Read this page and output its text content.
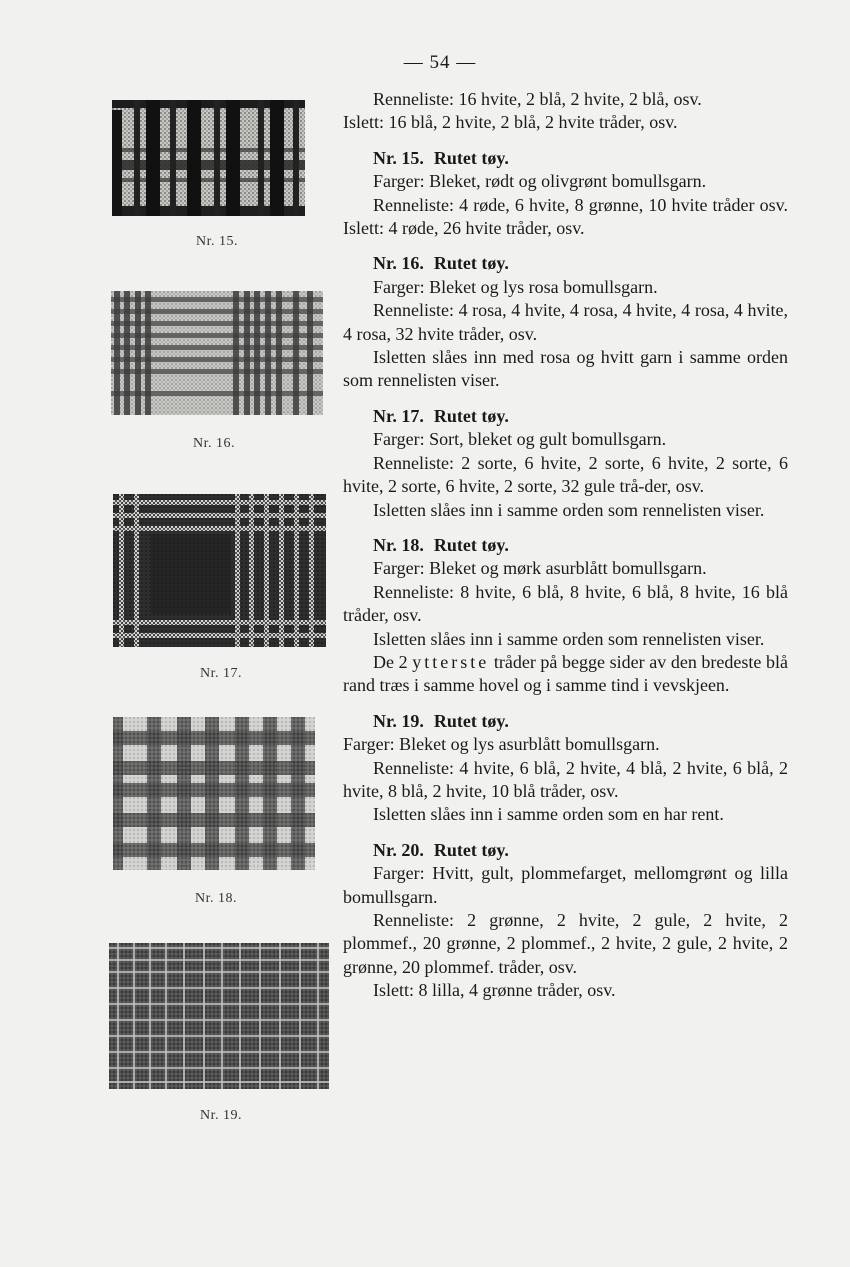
— 54 —
Nr. 15.
Nr. 16.
Nr. 17.
Nr. 18.
Nr. 19.

Renneliste: 16 hvite, 2 blå, 2 hvite, 2 blå, osv.

Islett: 16 blå, 2 hvite, 2 blå, 2 hvite tråder, osv.

Nr. 15. Rutet tøy.

Farger: Bleket, rødt og olivgrønt bomullsgarn.

Renneliste: 4 røde, 6 hvite, 8 grønne, 10 hvite tråder osv. Islett: 4 røde, 26 hvite tråder, osv.

Nr. 16. Rutet tøy.

Farger: Bleket og lys rosa bomullsgarn.

Renneliste: 4 rosa, 4 hvite, 4 rosa, 4 hvite, 4 rosa, 4 hvite, 4 rosa, 32 hvite tråder, osv.

Isletten slåes inn med rosa og hvitt garn i samme orden som rennelisten viser.

Nr. 17. Rutet tøy.

Farger: Sort, bleket og gult bomullsgarn.

Renneliste: 2 sorte, 6 hvite, 2 sorte, 6 hvite, 2 sorte, 6 hvite, 2 sorte, 6 hvite, 2 sorte, 32 gule trå-der, osv.

Isletten slåes inn i samme orden som rennelisten viser.

Nr. 18. Rutet tøy.

Farger: Bleket og mørk asurblått bomullsgarn.

Renneliste: 8 hvite, 6 blå, 8 hvite, 6 blå, 8 hvite, 16 blå tråder, osv.

Isletten slåes inn i samme orden som rennelisten viser.

De 2 ytterste tråder på begge sider av den bredeste blå rand træs i samme hovel og i samme tind i vevskjeen.

Nr. 19. Rutet tøy.

Farger: Bleket og lys asurblått bomullsgarn.

Renneliste: 4 hvite, 6 blå, 2 hvite, 4 blå, 2 hvite, 6 blå, 2 hvite, 8 blå, 2 hvite, 10 blå tråder, osv.

Isletten slåes inn i samme orden som en har rent.

Nr. 20. Rutet tøy.

Farger: Hvitt, gult, plommefarget, mellomgrønt og lilla bomullsgarn.

Renneliste: 2 grønne, 2 hvite, 2 gule, 2 hvite, 2 plommef., 20 grønne, 2 plommef., 2 hvite, 2 gule, 2 hvite, 2 grønne, 20 plommef. tråder, osv.

Islett: 8 lilla, 4 grønne tråder, osv.
